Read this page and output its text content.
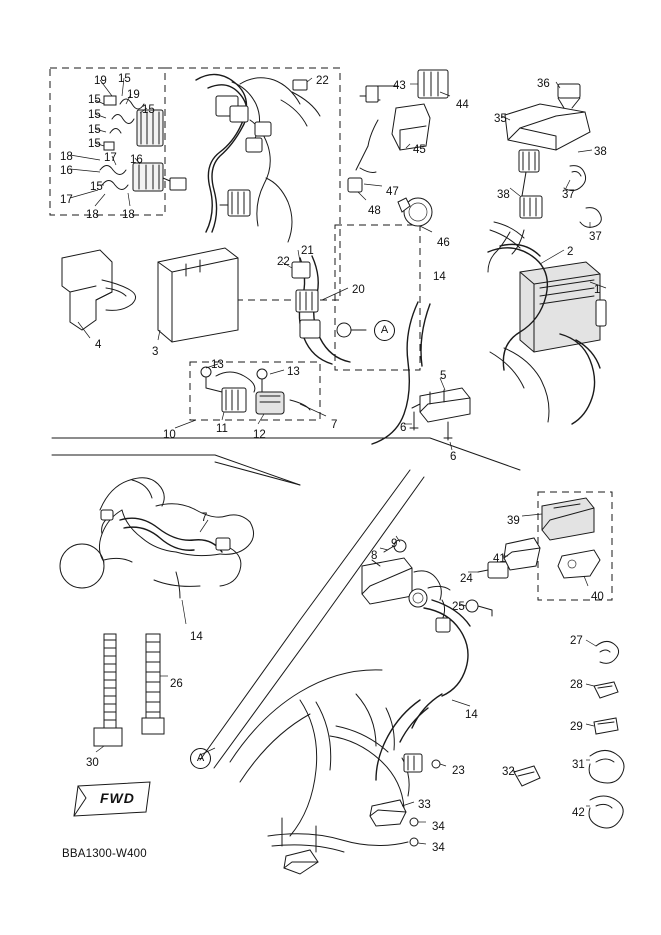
A
A
FWD
BBA1300-W400
19 15
15 19
15	15
15
15
18	17 16
16
15
17
18 18
22	43
44
45
47
48
46
36
35
38
38	37
37
2
1
21
22
20
14
4
3
13
13
10	11 12
7
5
6
6
7
14
26
30
9
8
24
25
39
41
40
27
28
29
31
42
32
23
33
34
34
14
